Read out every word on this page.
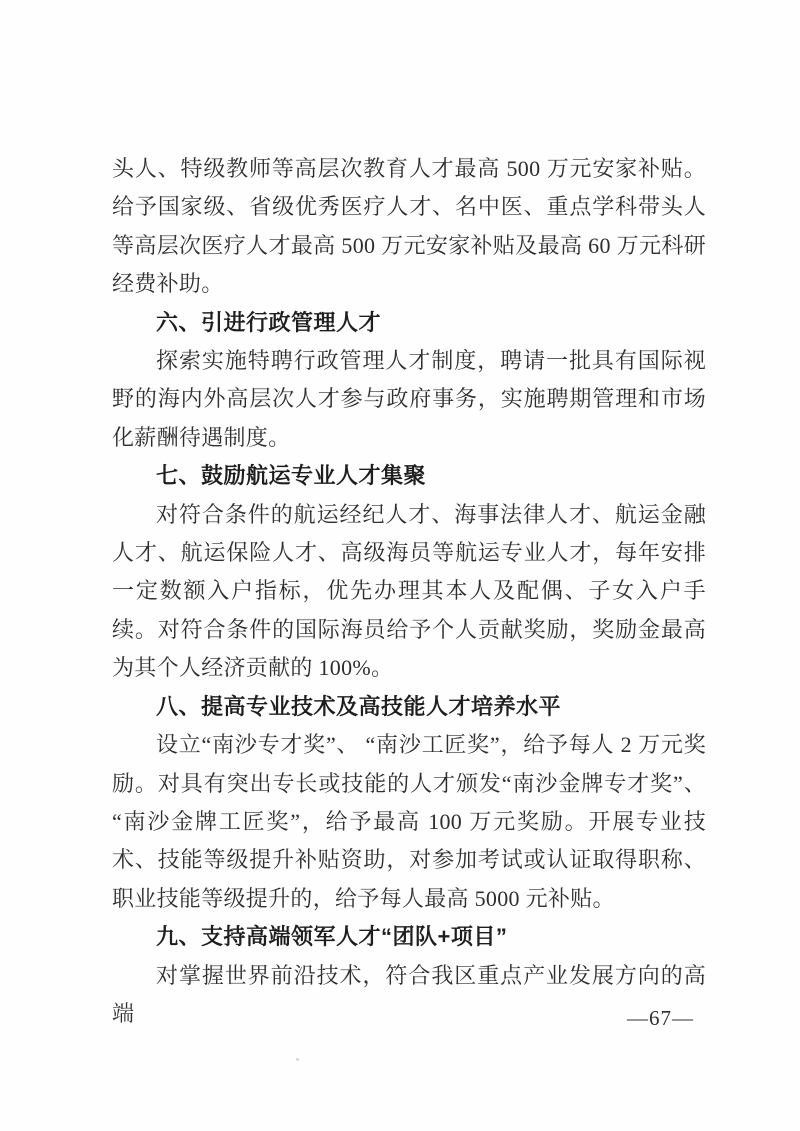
头人、特级教师等高层次教育人才最高 500 万元安家补贴。给予国家级、省级优秀医疗人才、名中医、重点学科带头人等高层次医疗人才最高 500 万元安家补贴及最高 60 万元科研经费补助。

六、引进行政管理人才

探索实施特聘行政管理人才制度，聘请一批具有国际视野的海内外高层次人才参与政府事务，实施聘期管理和市场化薪酬待遇制度。

七、鼓励航运专业人才集聚

对符合条件的航运经纪人才、海事法律人才、航运金融人才、航运保险人才、高级海员等航运专业人才，每年安排一定数额入户指标，优先办理其本人及配偶、子女入户手续。对符合条件的国际海员给予个人贡献奖励，奖励金最高为其个人经济贡献的 100%。

八、提高专业技术及高技能人才培养水平

设立“南沙专才奖”、 “南沙工匠奖”，给予每人 2 万元奖励。对具有突出专长或技能的人才颁发“南沙金牌专才奖”、“南沙金牌工匠奖”，给予最高 100 万元奖励。开展专业技术、技能等级提升补贴资助，对参加考试或认证取得职称、职业技能等级提升的，给予每人最高 5000 元补贴。

九、支持高端领军人才“团队+项目”

对掌握世界前沿技术，符合我区重点产业发展方向的高端	—67—
